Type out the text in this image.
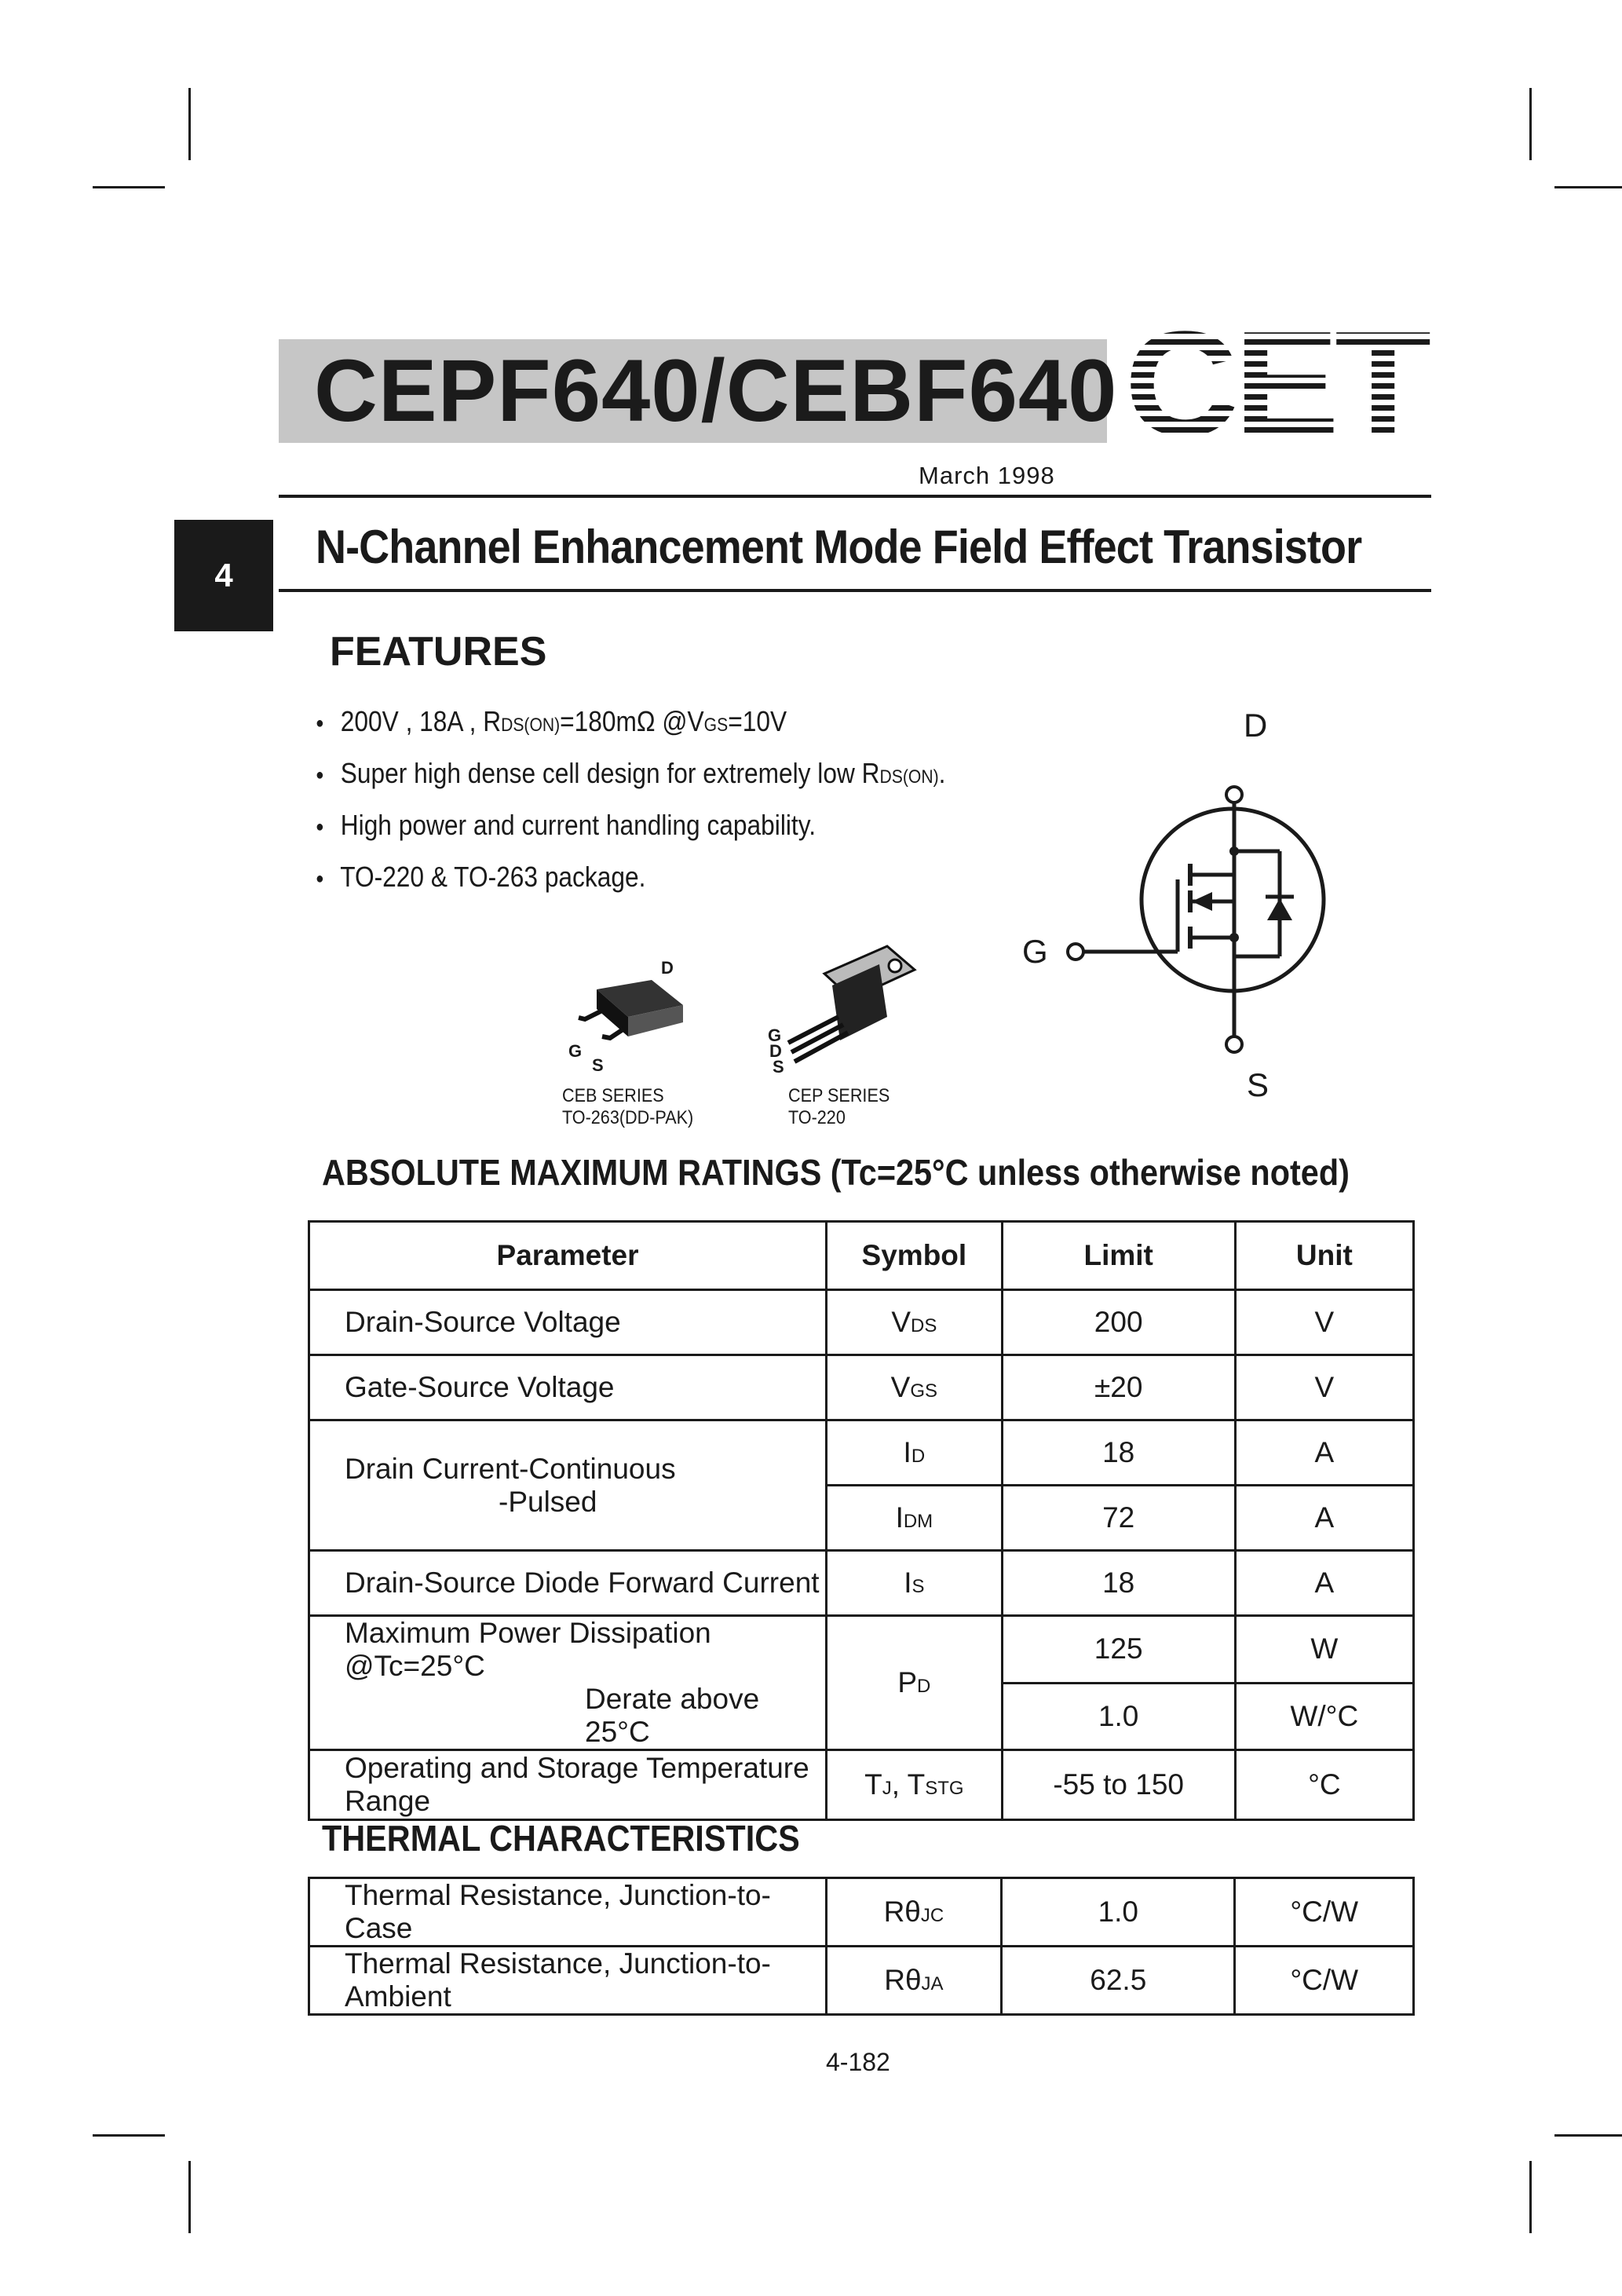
CEPF640/CEBF640 CET
March 1998
4
N-Channel Enhancement Mode Field Effect Transistor
FEATURES
● 200V , 18A , RDS(ON)=180mΩ @VGS=10V
● Super high dense cell design for extremely low RDS(ON).
● High power and current handling capability.
● TO-220 & TO-263 package.
D
G
S
CEB SERIES
TO-263(DD-PAK)
G
D
S
CEP SERIES
TO-220
D
G
S
ABSOLUTE MAXIMUM RATINGS (Tc=25°C unless otherwise noted)
Parameter	Symbol	Limit	Unit
Drain-Source Voltage	VDS	200	V
Gate-Source Voltage	VGS	±20	V

Drain Current-Continuous
-Pulsed	ID	18	A
	IDM	72	A
Drain-Source Diode Forward Current	IS	18	A

Maximum Power Dissipation @Tc=25°C
Derate above 25°C	PD	125	W
		1.0	W/°C
Operating and Storage Temperature Range	TJ, TSTG	-55 to 150	°C
THERMAL CHARACTERISTICS
Thermal Resistance, Junction-to-Case	RθJC	1.0	°C/W
Thermal Resistance, Junction-to-Ambient	RθJA	62.5	°C/W
4-182
